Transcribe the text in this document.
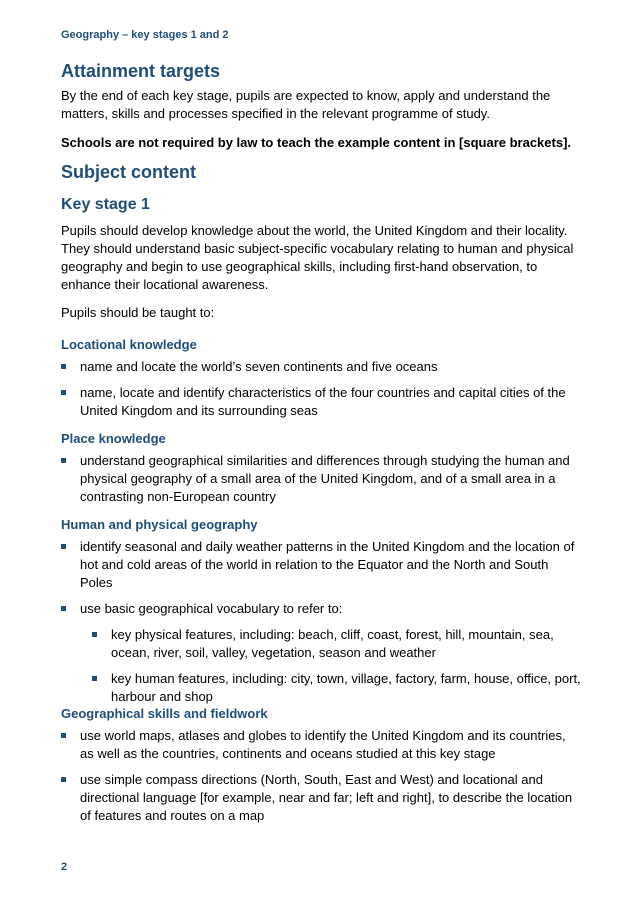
Geography – key stages 1 and 2
Attainment targets

By the end of each key stage, pupils are expected to know, apply and understand the matters, skills and processes specified in the relevant programme of study.

Schools are not required by law to teach the example content in [square brackets].

Subject content
Key stage 1

Pupils should develop knowledge about the world, the United Kingdom and their locality. They should understand basic subject-specific vocabulary relating to human and physical geography and begin to use geographical skills, including first-hand observation, to enhance their locational awareness.

Pupils should be taught to:

Locational knowledge
name and locate the world’s seven continents and five oceans
name, locate and identify characteristics of the four countries and capital cities of the United Kingdom and its surrounding seas
Place knowledge
understand geographical similarities and differences through studying the human and physical geography of a small area of the United Kingdom, and of a small area in a contrasting non-European country
Human and physical geography
identify seasonal and daily weather patterns in the United Kingdom and the location of hot and cold areas of the world in relation to the Equator and the North and South Poles
use basic geographical vocabulary to refer to:
key physical features, including: beach, cliff, coast, forest, hill, mountain, sea, ocean, river, soil, valley, vegetation, season and weather
key human features, including: city, town, village, factory, farm, house, office, port, harbour and shop
Geographical skills and fieldwork
use world maps, atlases and globes to identify the United Kingdom and its countries, as well as the countries, continents and oceans studied at this key stage
use simple compass directions (North, South, East and West) and locational and directional language [for example, near and far; left and right], to describe the location of features and routes on a map
2
